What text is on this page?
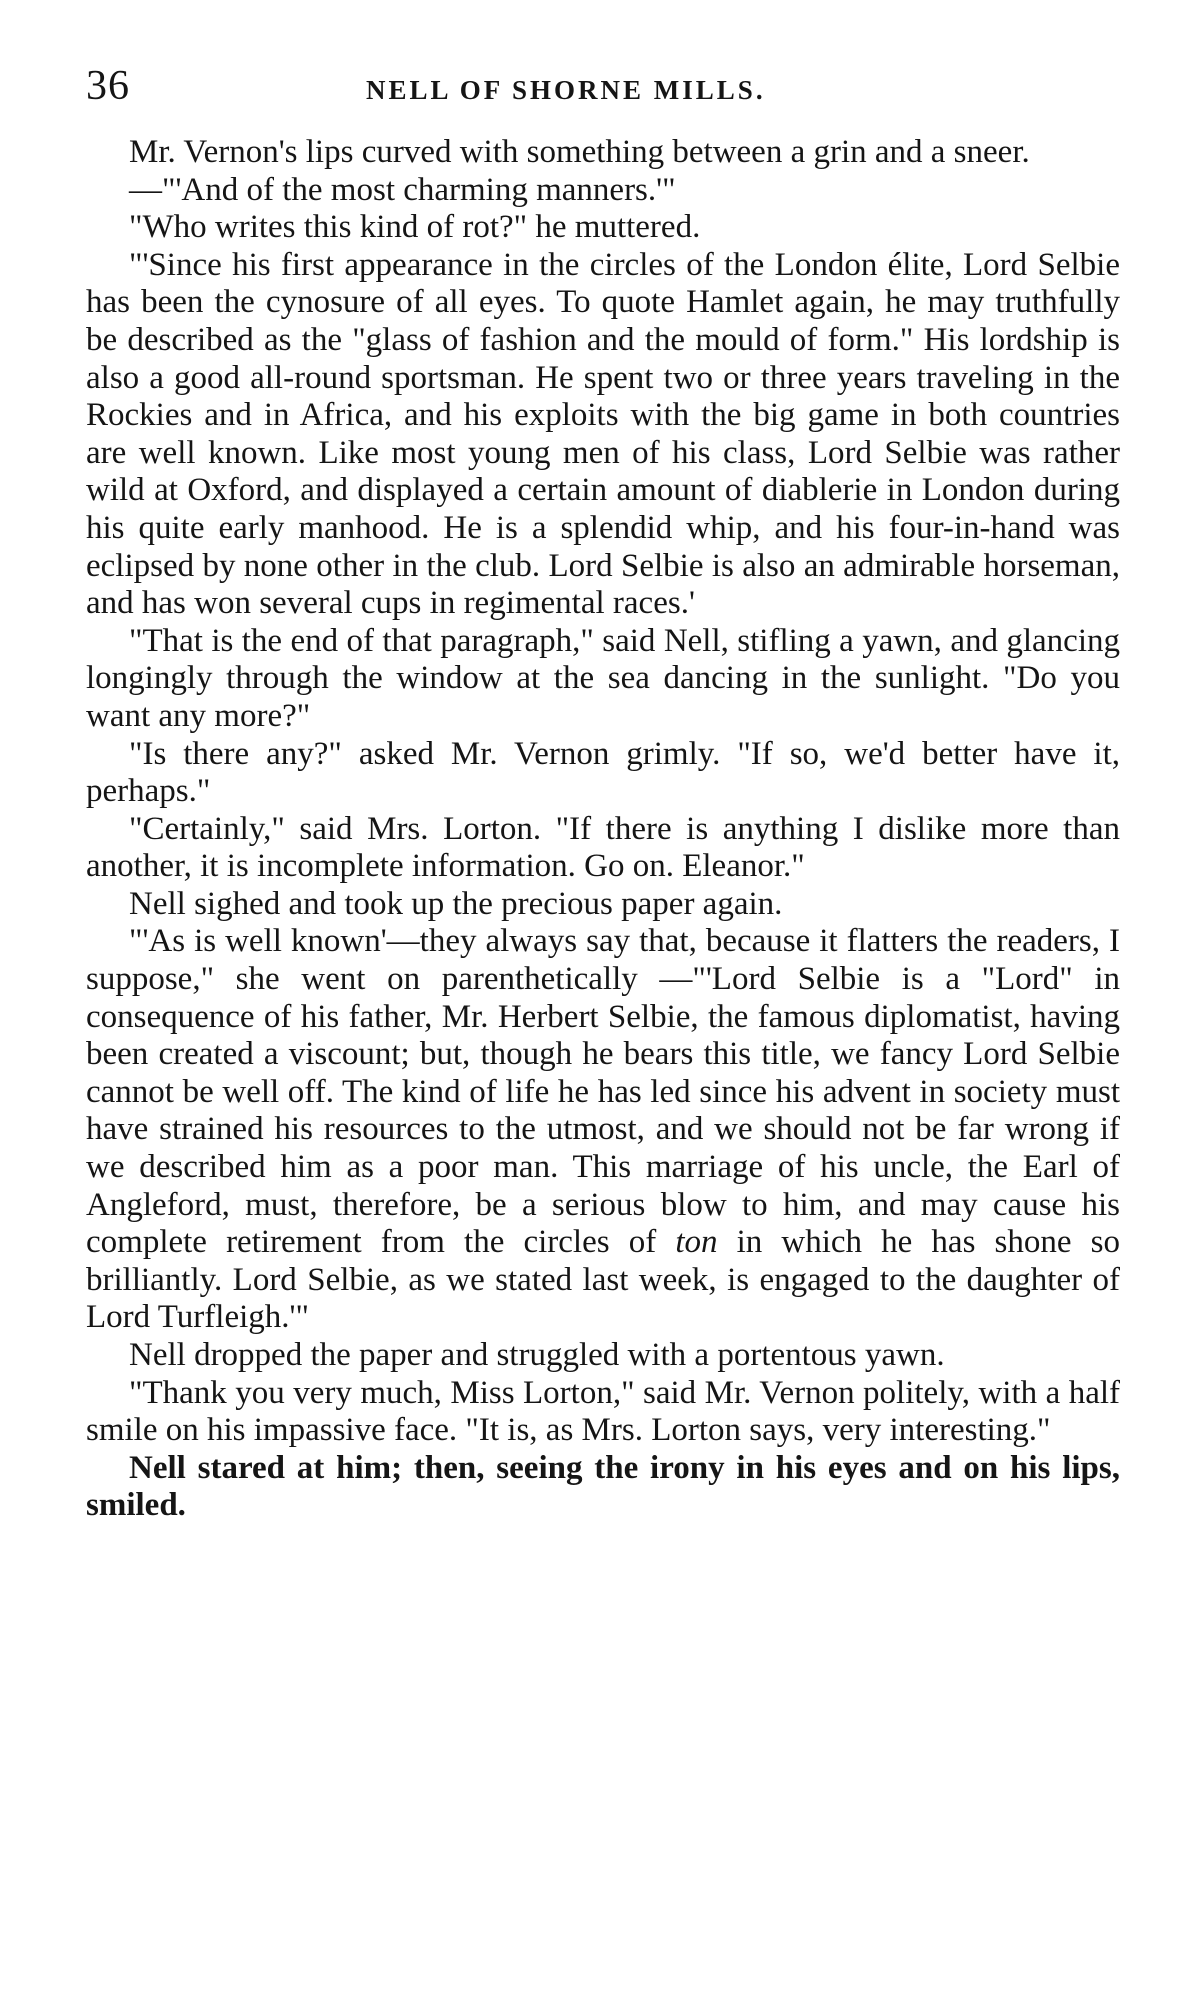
36	NELL OF SHORNE MILLS.

Mr. Vernon's lips curved with something between a grin and a sneer.

—"'And of the most charming manners.'"

"Who writes this kind of rot?" he muttered.

"'Since his first appearance in the circles of the London élite, Lord Selbie has been the cynosure of all eyes. To quote Hamlet again, he may truthfully be described as the "glass of fashion and the mould of form." His lordship is also a good all-round sportsman. He spent two or three years traveling in the Rockies and in Africa, and his exploits with the big game in both countries are well known. Like most young men of his class, Lord Selbie was rather wild at Oxford, and displayed a certain amount of diablerie in London during his quite early manhood. He is a splendid whip, and his four-in-hand was eclipsed by none other in the club. Lord Selbie is also an admirable horseman, and has won several cups in regimental races.'

"That is the end of that paragraph," said Nell, stifling a yawn, and glancing longingly through the window at the sea dancing in the sunlight. "Do you want any more?"

"Is there any?" asked Mr. Vernon grimly. "If so, we'd better have it, perhaps."

"Certainly," said Mrs. Lorton. "If there is anything I dislike more than another, it is incomplete information. Go on. Eleanor."

Nell sighed and took up the precious paper again.

"'As is well known'—they always say that, because it flatters the readers, I suppose," she went on parenthetically —"'Lord Selbie is a "Lord" in consequence of his father, Mr. Herbert Selbie, the famous diplomatist, having been created a viscount; but, though he bears this title, we fancy Lord Selbie cannot be well off. The kind of life he has led since his advent in society must have strained his resources to the utmost, and we should not be far wrong if we described him as a poor man. This marriage of his uncle, the Earl of Angleford, must, therefore, be a serious blow to him, and may cause his complete retirement from the circles of ton in which he has shone so brilliantly. Lord Selbie, as we stated last week, is engaged to the daughter of Lord Turfleigh.'"

Nell dropped the paper and struggled with a portentous yawn.

"Thank you very much, Miss Lorton," said Mr. Vernon politely, with a half smile on his impassive face. "It is, as Mrs. Lorton says, very interesting."

Nell stared at him; then, seeing the irony in his eyes and on his lips, smiled.
